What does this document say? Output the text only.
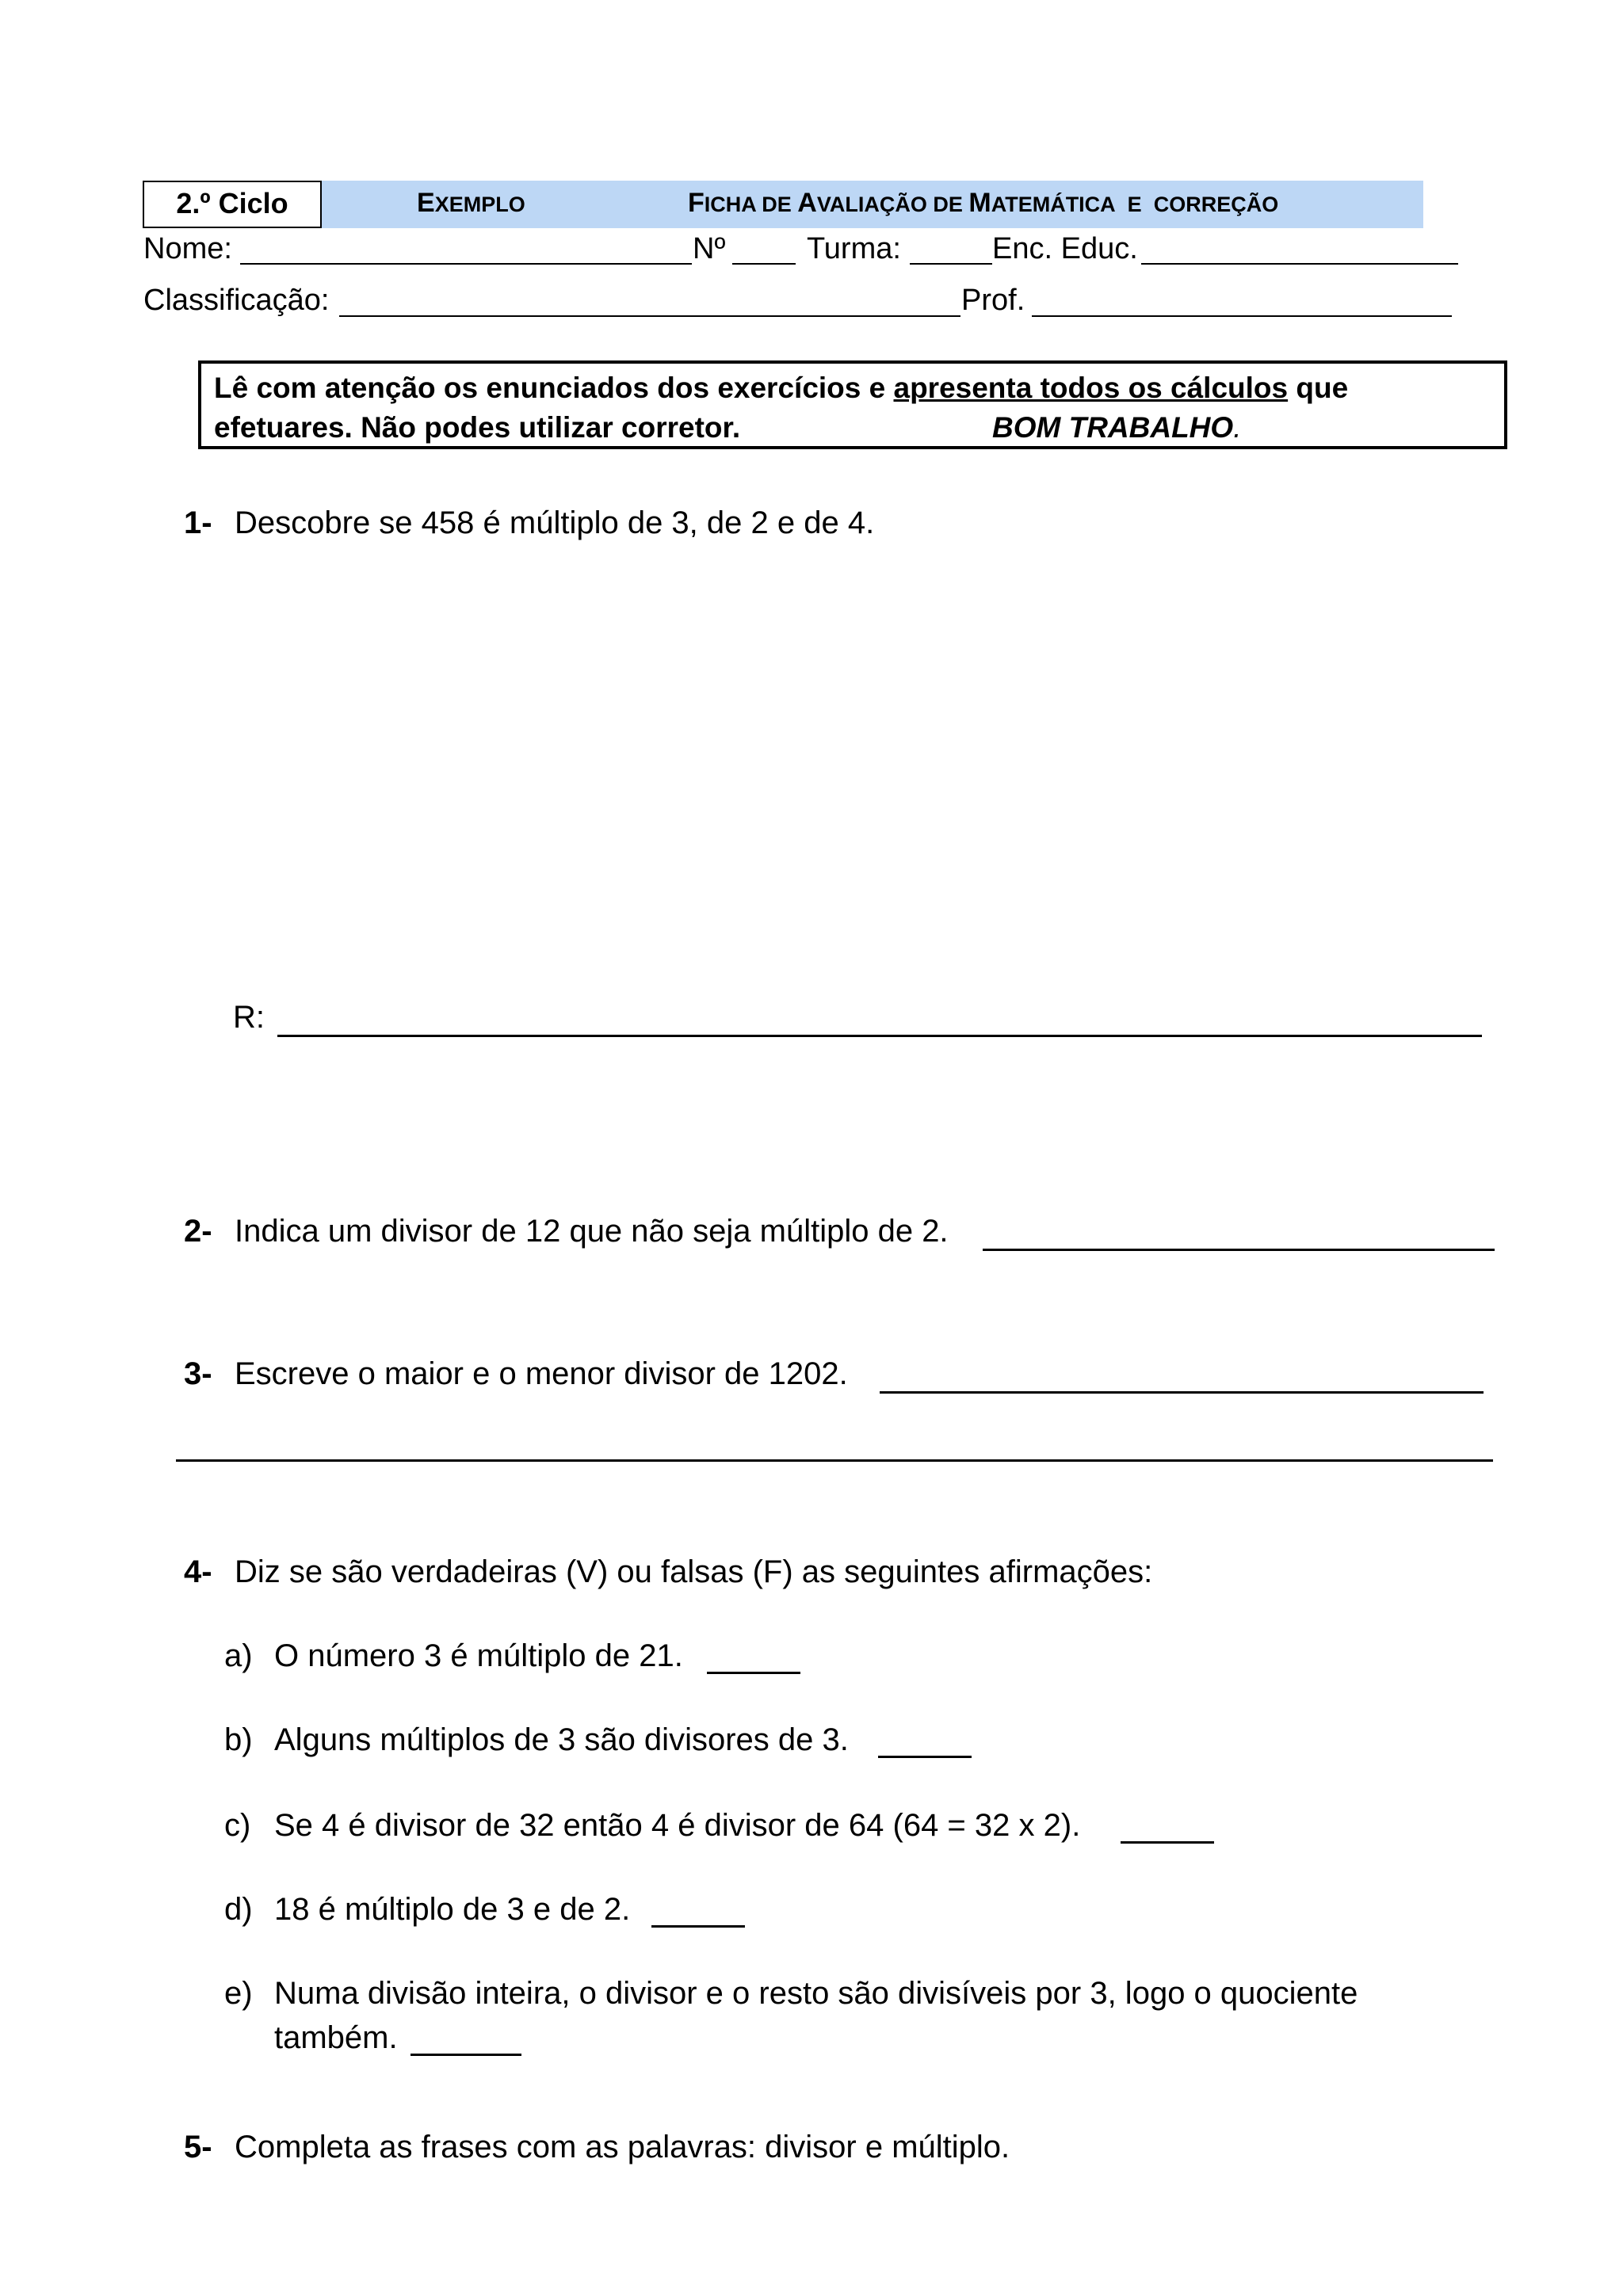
2.º Ciclo	EXEMPLO	FICHA DE AVALIAÇÃO DE MATEMÁTICA  E  CORREÇÃO
Nome:	Nº	Turma:	Enc. Educ.
Classificação:	Prof.
Lê com atenção os enunciados dos exercícios e apresenta todos os cálculos que
efetuares. Não podes utilizar corretor.	BOM TRABALHO.
1- Descobre se 458 é múltiplo de 3, de 2 e de 4.
R:
2- Indica um divisor de 12 que não seja múltiplo de 2.
3- Escreve o maior e o menor divisor de 1202.
4- Diz se são verdadeiras (V) ou falsas (F) as seguintes afirmações:
a) O número 3 é múltiplo de 21.
b) Alguns múltiplos de 3 são divisores de 3.
c) Se 4 é divisor de 32 então 4 é divisor de 64 (64 = 32 x 2).
d) 18 é múltiplo de 3 e de 2.
e) Numa divisão inteira, o divisor e o resto são divisíveis por 3, logo o quociente
também.
5- Completa as frases com as palavras: divisor e múltiplo.
